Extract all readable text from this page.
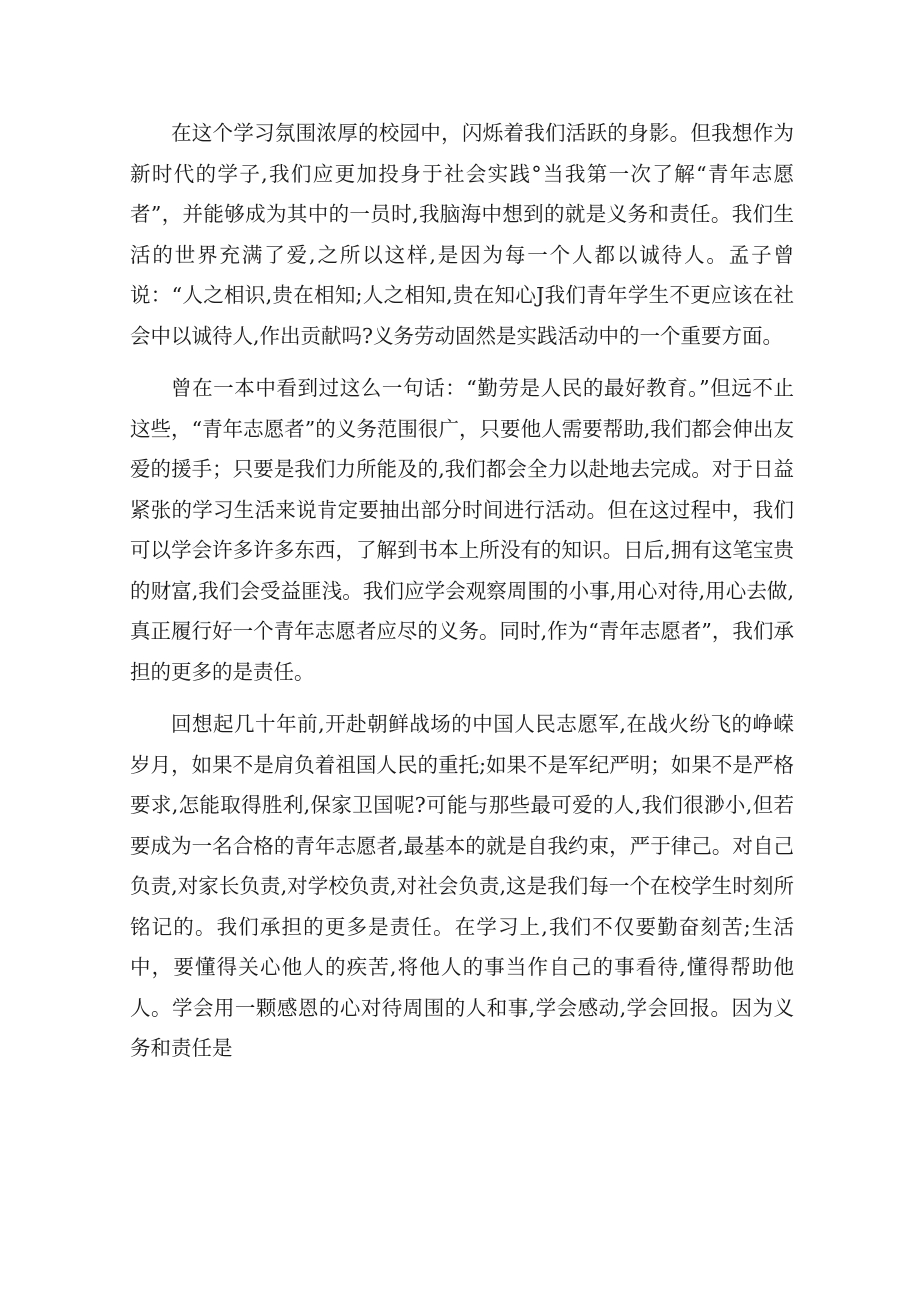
在这个学习氛围浓厚的校园中，闪烁着我们活跃的身影。但我想作为新时代的学子,我们应更加投身于社会实践°当我第一次了解“青年志愿者”，并能够成为其中的一员时,我脑海中想到的就是义务和责任。我们生活的世界充满了爱,之所以这样,是因为每一个人都以诚待人。孟子曾说：“人之相识,贵在相知;人之相知,贵在知心J我们青年学生不更应该在社会中以诚待人,作出贡献吗?义务劳动固然是实践活动中的一个重要方面。

曾在一本中看到过这么一句话：“勤劳是人民的最好教育。”但远不止这些，“青年志愿者”的义务范围很广，只要他人需要帮助,我们都会伸出友爱的援手；只要是我们力所能及的,我们都会全力以赴地去完成。对于日益紧张的学习生活来说肯定要抽出部分时间进行活动。但在这过程中，我们可以学会许多许多东西，了解到书本上所没有的知识。日后,拥有这笔宝贵的财富,我们会受益匪浅。我们应学会观察周围的小事,用心对待,用心去做,真正履行好一个青年志愿者应尽的义务。同时,作为“青年志愿者”，我们承担的更多的是责任。

回想起几十年前,开赴朝鲜战场的中国人民志愿军,在战火纷飞的峥嵘岁月，如果不是肩负着祖国人民的重托;如果不是军纪严明；如果不是严格要求,怎能取得胜利,保家卫国呢?可能与那些最可爱的人,我们很渺小,但若要成为一名合格的青年志愿者,最基本的就是自我约束，严于律己。对自己负责,对家长负责,对学校负责,对社会负责,这是我们每一个在校学生时刻所铭记的。我们承担的更多是责任。在学习上,我们不仅要勤奋刻苦;生活中，要懂得关心他人的疾苦,将他人的事当作自己的事看待,懂得帮助他人。学会用一颗感恩的心对待周围的人和事,学会感动,学会回报。因为义务和责任是
